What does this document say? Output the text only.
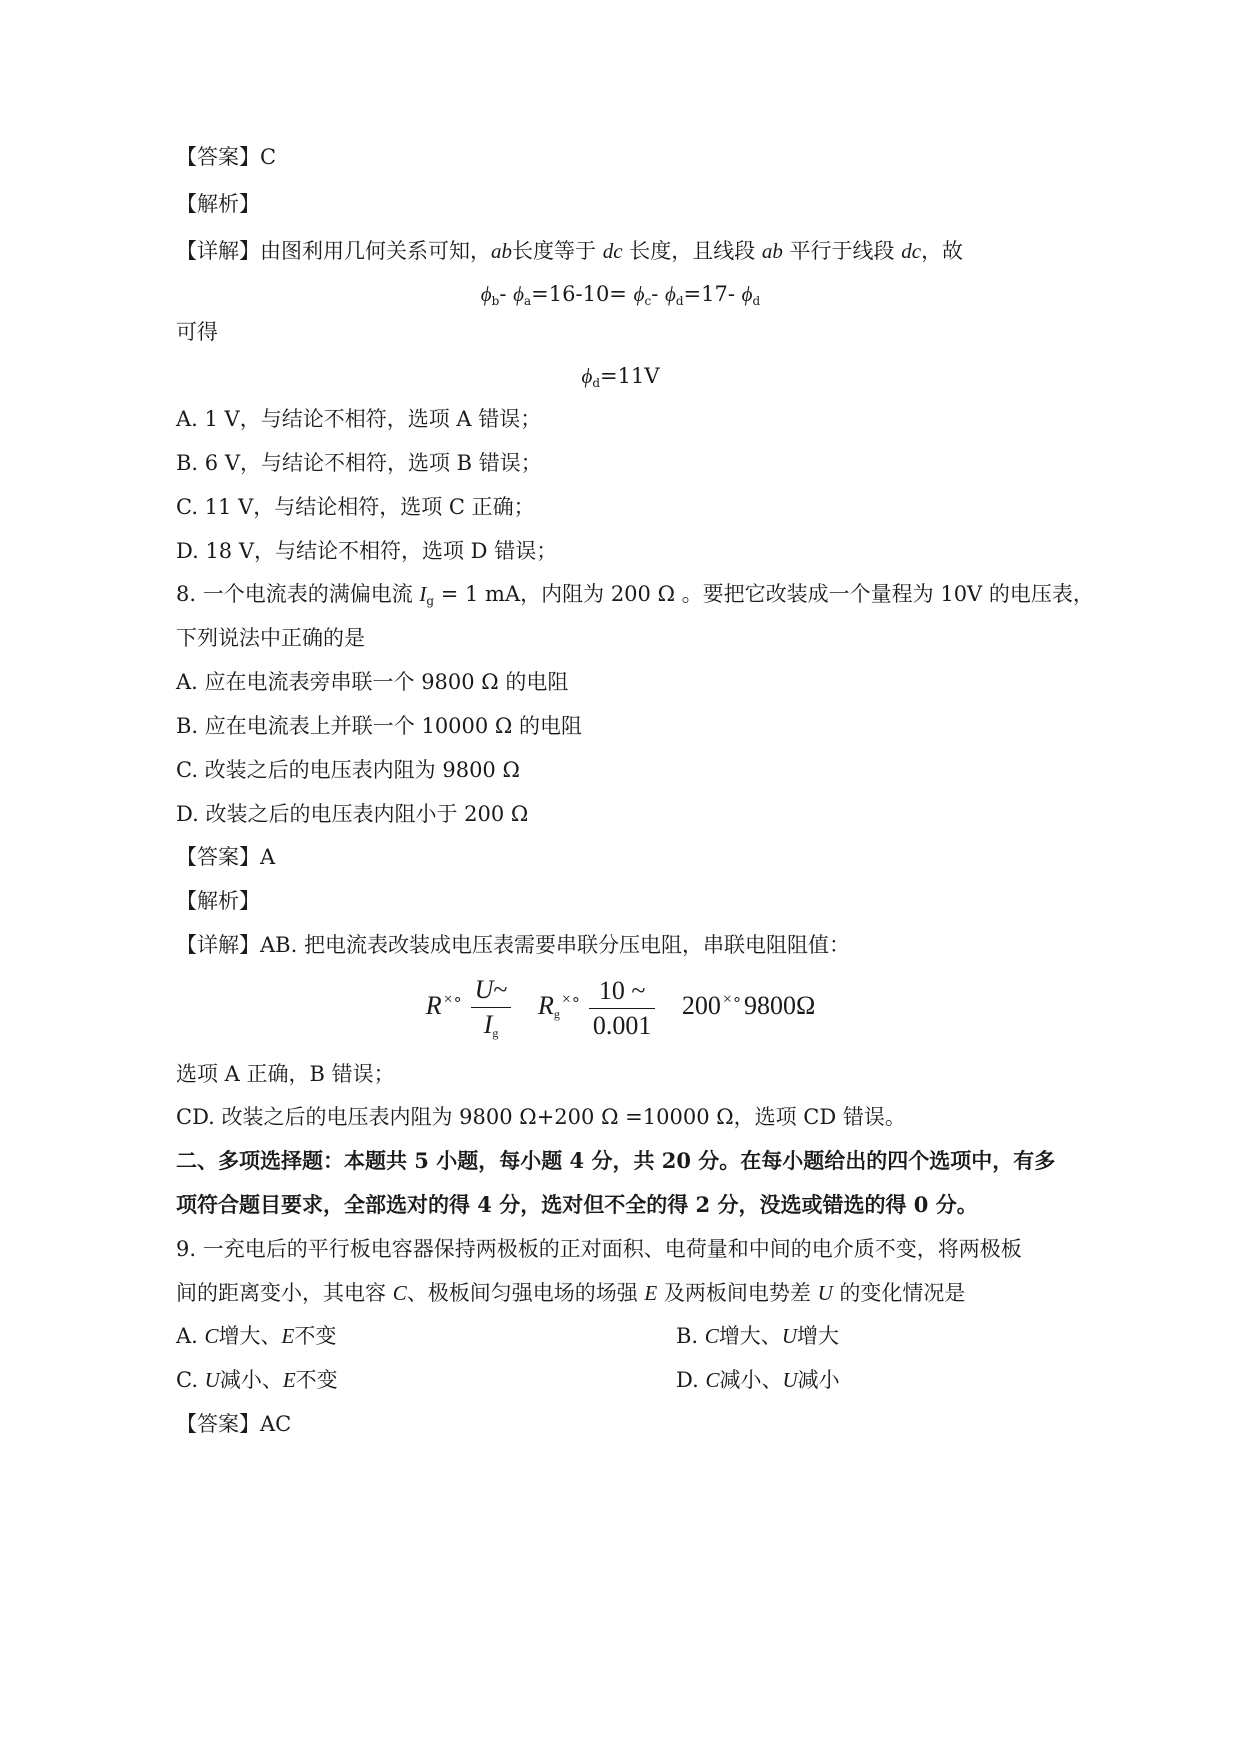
【答案】C
【解析】
【详解】由图利用几何关系可知，ab长度等于 dc 长度，且线段 ab 平行于线段 dc，故
$\phi_b-$ $\phi_a=16-10= \phi_c-$ $\phi_d=17-$ $\phi_d$
可得
$\phi_d=11V$
A. 1 V，与结论不相符，选项 A 错误；
B. 6 V，与结论不相符，选项 B 错误；
C. 11 V，与结论相符，选项 C 正确；
D. 18 V，与结论不相符，选项 D 错误；
8. 一个电流表的满偏电流 $I_g = 1$ mA，内阻为 200 Ω 。要把它改装成一个量程为 10V 的电压表，
下列说法中正确的是
A. 应在电流表旁串联一个 9800 Ω 的电阻
B. 应在电流表上并联一个 10000 Ω 的电阻
C. 改装之后的电压表内阻为 9800 Ω
D. 改装之后的电压表内阻小于 200 Ω
【答案】A
【解析】
【详解】AB. 把电流表改装成电压表需要串联分压电阻，串联电阻阻值：
R $^{\times\circ} \frac{U\sim}{I_g} R_g^{\times\circ} \frac{10 \sim}{0.001} 200$ ×∘9800Ω
选项 A 正确，B 错误；
CD. 改装之后的电压表内阻为 9800 Ω+200 Ω =10000 Ω，选项 CD 错误。
二、多项选择题：本题共 5 小题，每小题 4 分，共 20 分。在每小题给出的四个选项中，有多
项符合题目要求，全部选对的得 4 分，选对但不全的得 2 分，没选或错选的得 0 分。
9. 一充电后的平行板电容器保持两极板的正对面积、电荷量和中间的电介质不变，将两极板
间的距离变小，其电容 C、极板间匀强电场的场强 E 及两板间电势差 U 的变化情况是
A. C增大、E不变	B. C增大、U增大
C. U减小、E不变	D. C减小、U减小
【答案】AC
